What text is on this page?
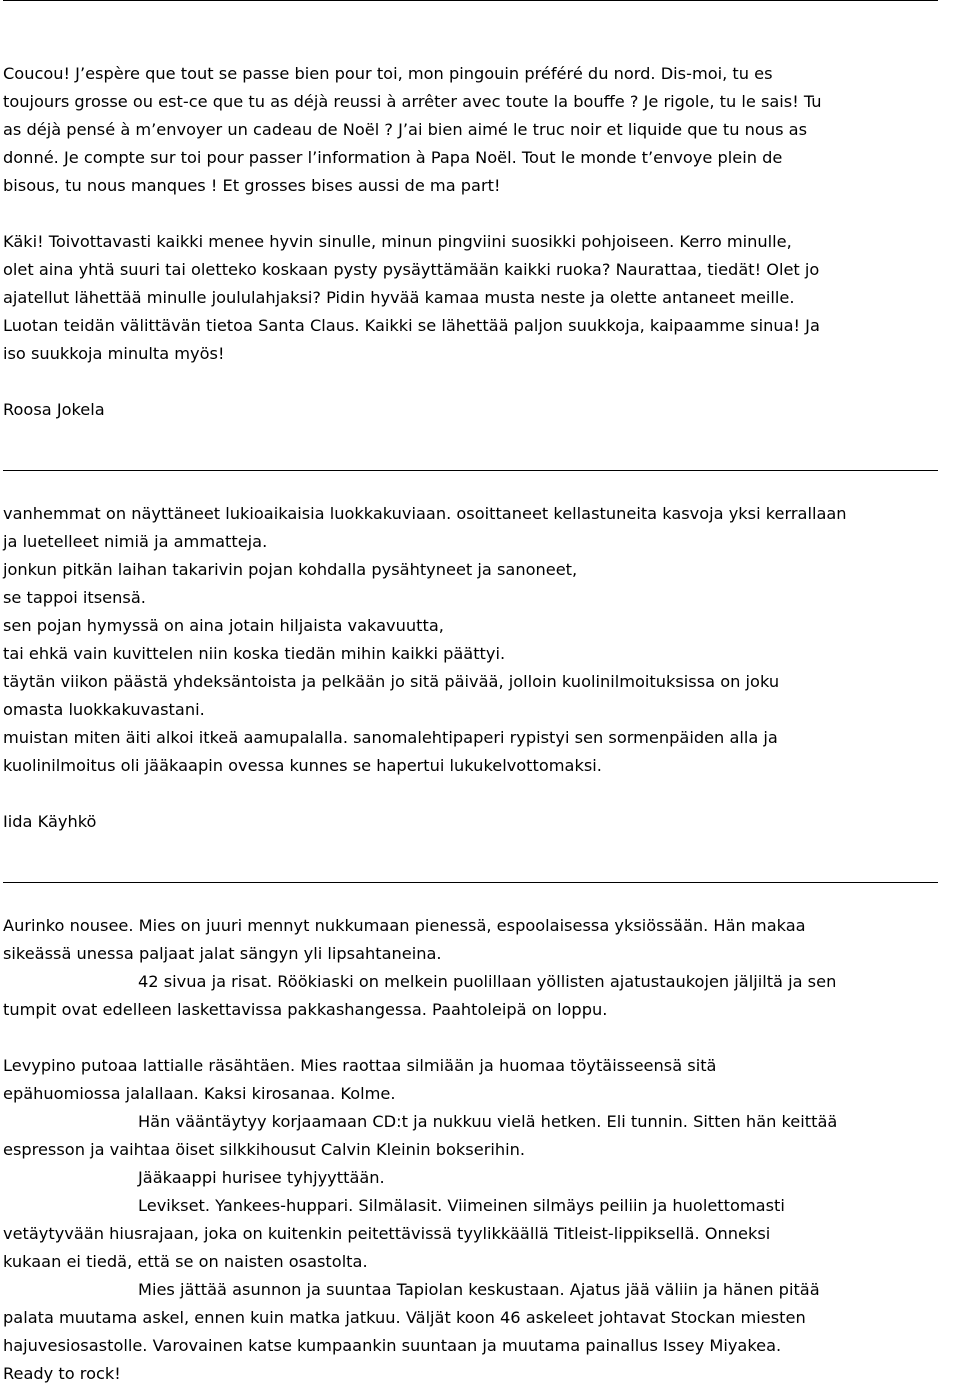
Coucou! J’espère que tout se passe bien pour toi, mon pingouin préféré du nord. Dis-moi, tu es
toujours grosse ou est-ce que tu as déjà reussi à arrêter avec toute la bouffe ? Je rigole, tu le sais! Tu
as déjà pensé à m’envoyer un cadeau de Noël ? J’ai bien aimé le truc noir et liquide que tu nous as
donné. Je compte sur toi pour passer l’information à Papa Noël. Tout le monde t’envoye plein de
bisous, tu nous manques ! Et grosses bises aussi de ma part!
Käki! Toivottavasti kaikki menee hyvin sinulle, minun pingviini suosikki pohjoiseen. Kerro minulle,
olet aina yhtä suuri tai oletteko koskaan pysty pysäyttämään kaikki ruoka? Naurattaa, tiedät! Olet jo
ajatellut lähettää minulle joululahjaksi? Pidin hyvää kamaa musta neste ja olette antaneet meille.
Luotan teidän välittävän tietoa Santa Claus. Kaikki se lähettää paljon suukkoja, kaipaamme sinua! Ja
iso suukkoja minulta myös!
Roosa Jokela
vanhemmat on näyttäneet lukioaikaisia luokkakuviaan. osoittaneet kellastuneita kasvoja yksi kerrallaan
ja luetelleet nimiä ja ammatteja.
jonkun pitkän laihan takarivin pojan kohdalla pysähtyneet ja sanoneet,
se tappoi itsensä.
sen pojan hymyssä on aina jotain hiljaista vakavuutta,
tai ehkä vain kuvittelen niin koska tiedän mihin kaikki päättyi.
täytän viikon päästä yhdeksäntoista ja pelkään jo sitä päivää, jolloin kuolinilmoituksissa on joku
omasta luokkakuvastani.
muistan miten äiti alkoi itkeä aamupalalla. sanomalehtipaperi rypistyi sen sormenpäiden alla ja
kuolinilmoitus oli jääkaapin ovessa kunnes se hapertui lukukelvottomaksi.
Iida Käyhkö
Aurinko nousee. Mies on juuri mennyt nukkumaan pienessä, espoolaisessa yksiössään. Hän makaa
sikeässä unessa paljaat jalat sängyn yli lipsahtaneina.
42 sivua ja risat. Röökiaski on melkein puolillaan yöllisten ajatustaukojen jäljiltä ja sen
tumpit ovat edelleen laskettavissa pakkashangessa. Paahtoleipä on loppu.
Levypino putoaa lattialle räsähtäen. Mies raottaa silmiään ja huomaa töytäisseensä sitä
epähuomiossa jalallaan. Kaksi kirosanaa. Kolme.
Hän vääntäytyy korjaamaan CD:t ja nukkuu vielä hetken. Eli tunnin. Sitten hän keittää
espresson ja vaihtaa öiset silkkihousut Calvin Kleinin bokserihin.
Jääkaappi hurisee tyhjyyttään.
Levikset. Yankees-huppari. Silmälasit. Viimeinen silmäys peiliin ja huolettomasti
vetäytyvään hiusrajaan, joka on kuitenkin peitettävissä tyylikkäällä Titleist-lippiksellä. Onneksi
kukaan ei tiedä, että se on naisten osastolta.
Mies jättää asunnon ja suuntaa Tapiolan keskustaan. Ajatus jää väliin ja hänen pitää
palata muutama askel, ennen kuin matka jatkuu. Väljät koon 46 askeleet johtavat Stockan miesten
hajuvesiosastolle. Varovainen katse kumpaankin suuntaan ja muutama painallus Issey Miyakea.
Ready to rock!
